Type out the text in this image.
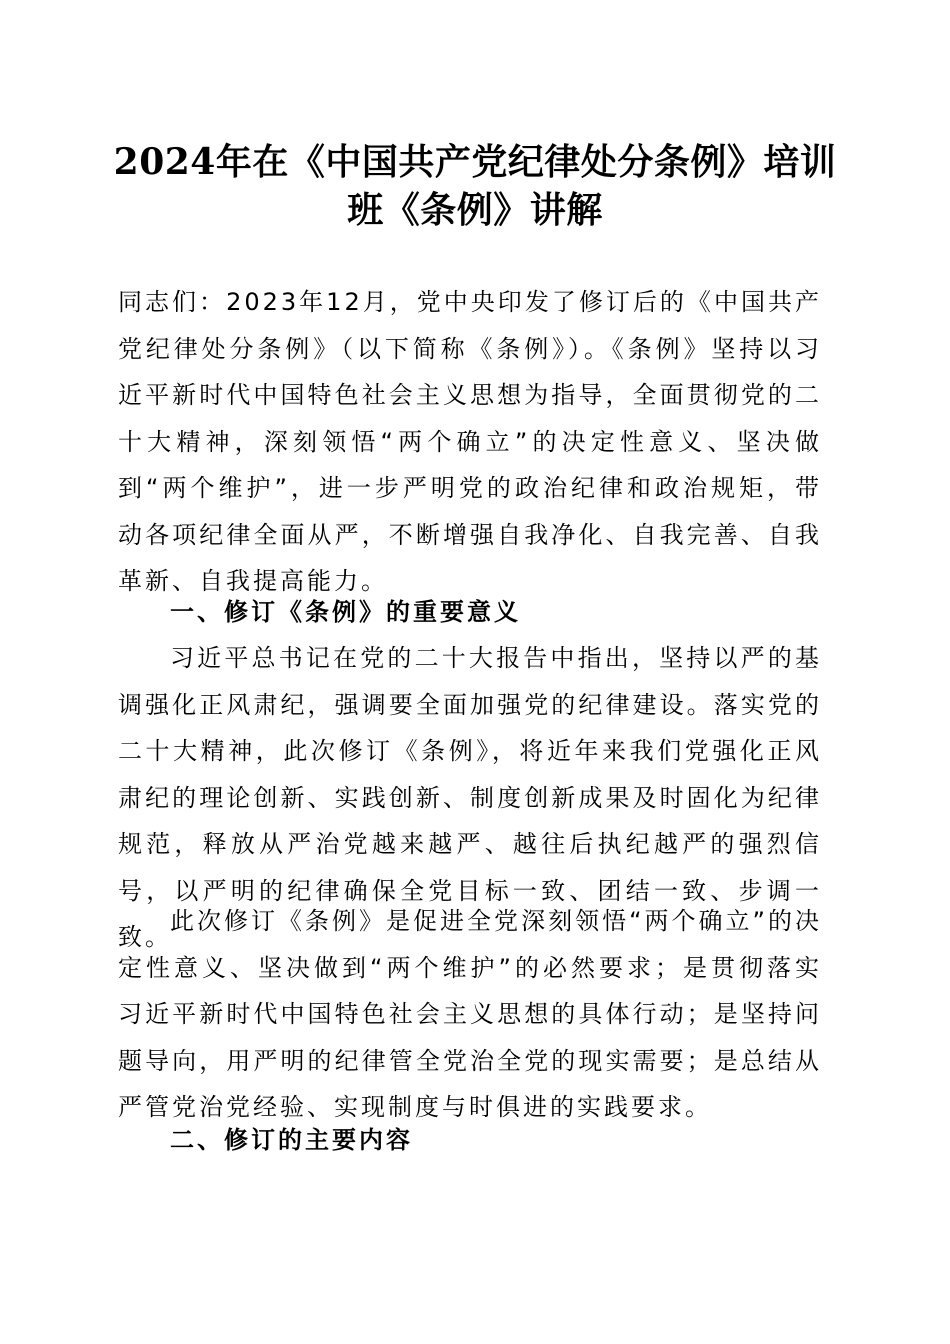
2024年在《中国共产党纪律处分条例》培训
班《条例》讲解

同志们：2023年12月，党中央印发了修订后的《中国共产党纪律处分条例》（以下简称《条例》）。《条例》坚持以习近平新时代中国特色社会主义思想为指导，全面贯彻党的二十大精神，深刻领悟“两个确立”的决定性意义、坚决做到“两个维护”，进一步严明党的政治纪律和政治规矩，带动各项纪律全面从严，不断增强自我净化、自我完善、自我革新、自我提高能力。

一、修订《条例》的重要意义

习近平总书记在党的二十大报告中指出，坚持以严的基调强化正风肃纪，强调要全面加强党的纪律建设。落实党的二十大精神，此次修订《条例》，将近年来我们党强化正风肃纪的理论创新、实践创新、制度创新成果及时固化为纪律规范，释放从严治党越来越严、越往后执纪越严的强烈信号，以严明的纪律确保全党目标一致、团结一致、步调一致。

此次修订《条例》是促进全党深刻领悟“两个确立”的决定性意义、坚决做到“两个维护”的必然要求；是贯彻落实习近平新时代中国特色社会主义思想的具体行动；是坚持问题导向，用严明的纪律管全党治全党的现实需要；是总结从严管党治党经验、实现制度与时俱进的实践要求。

二、修订的主要内容
